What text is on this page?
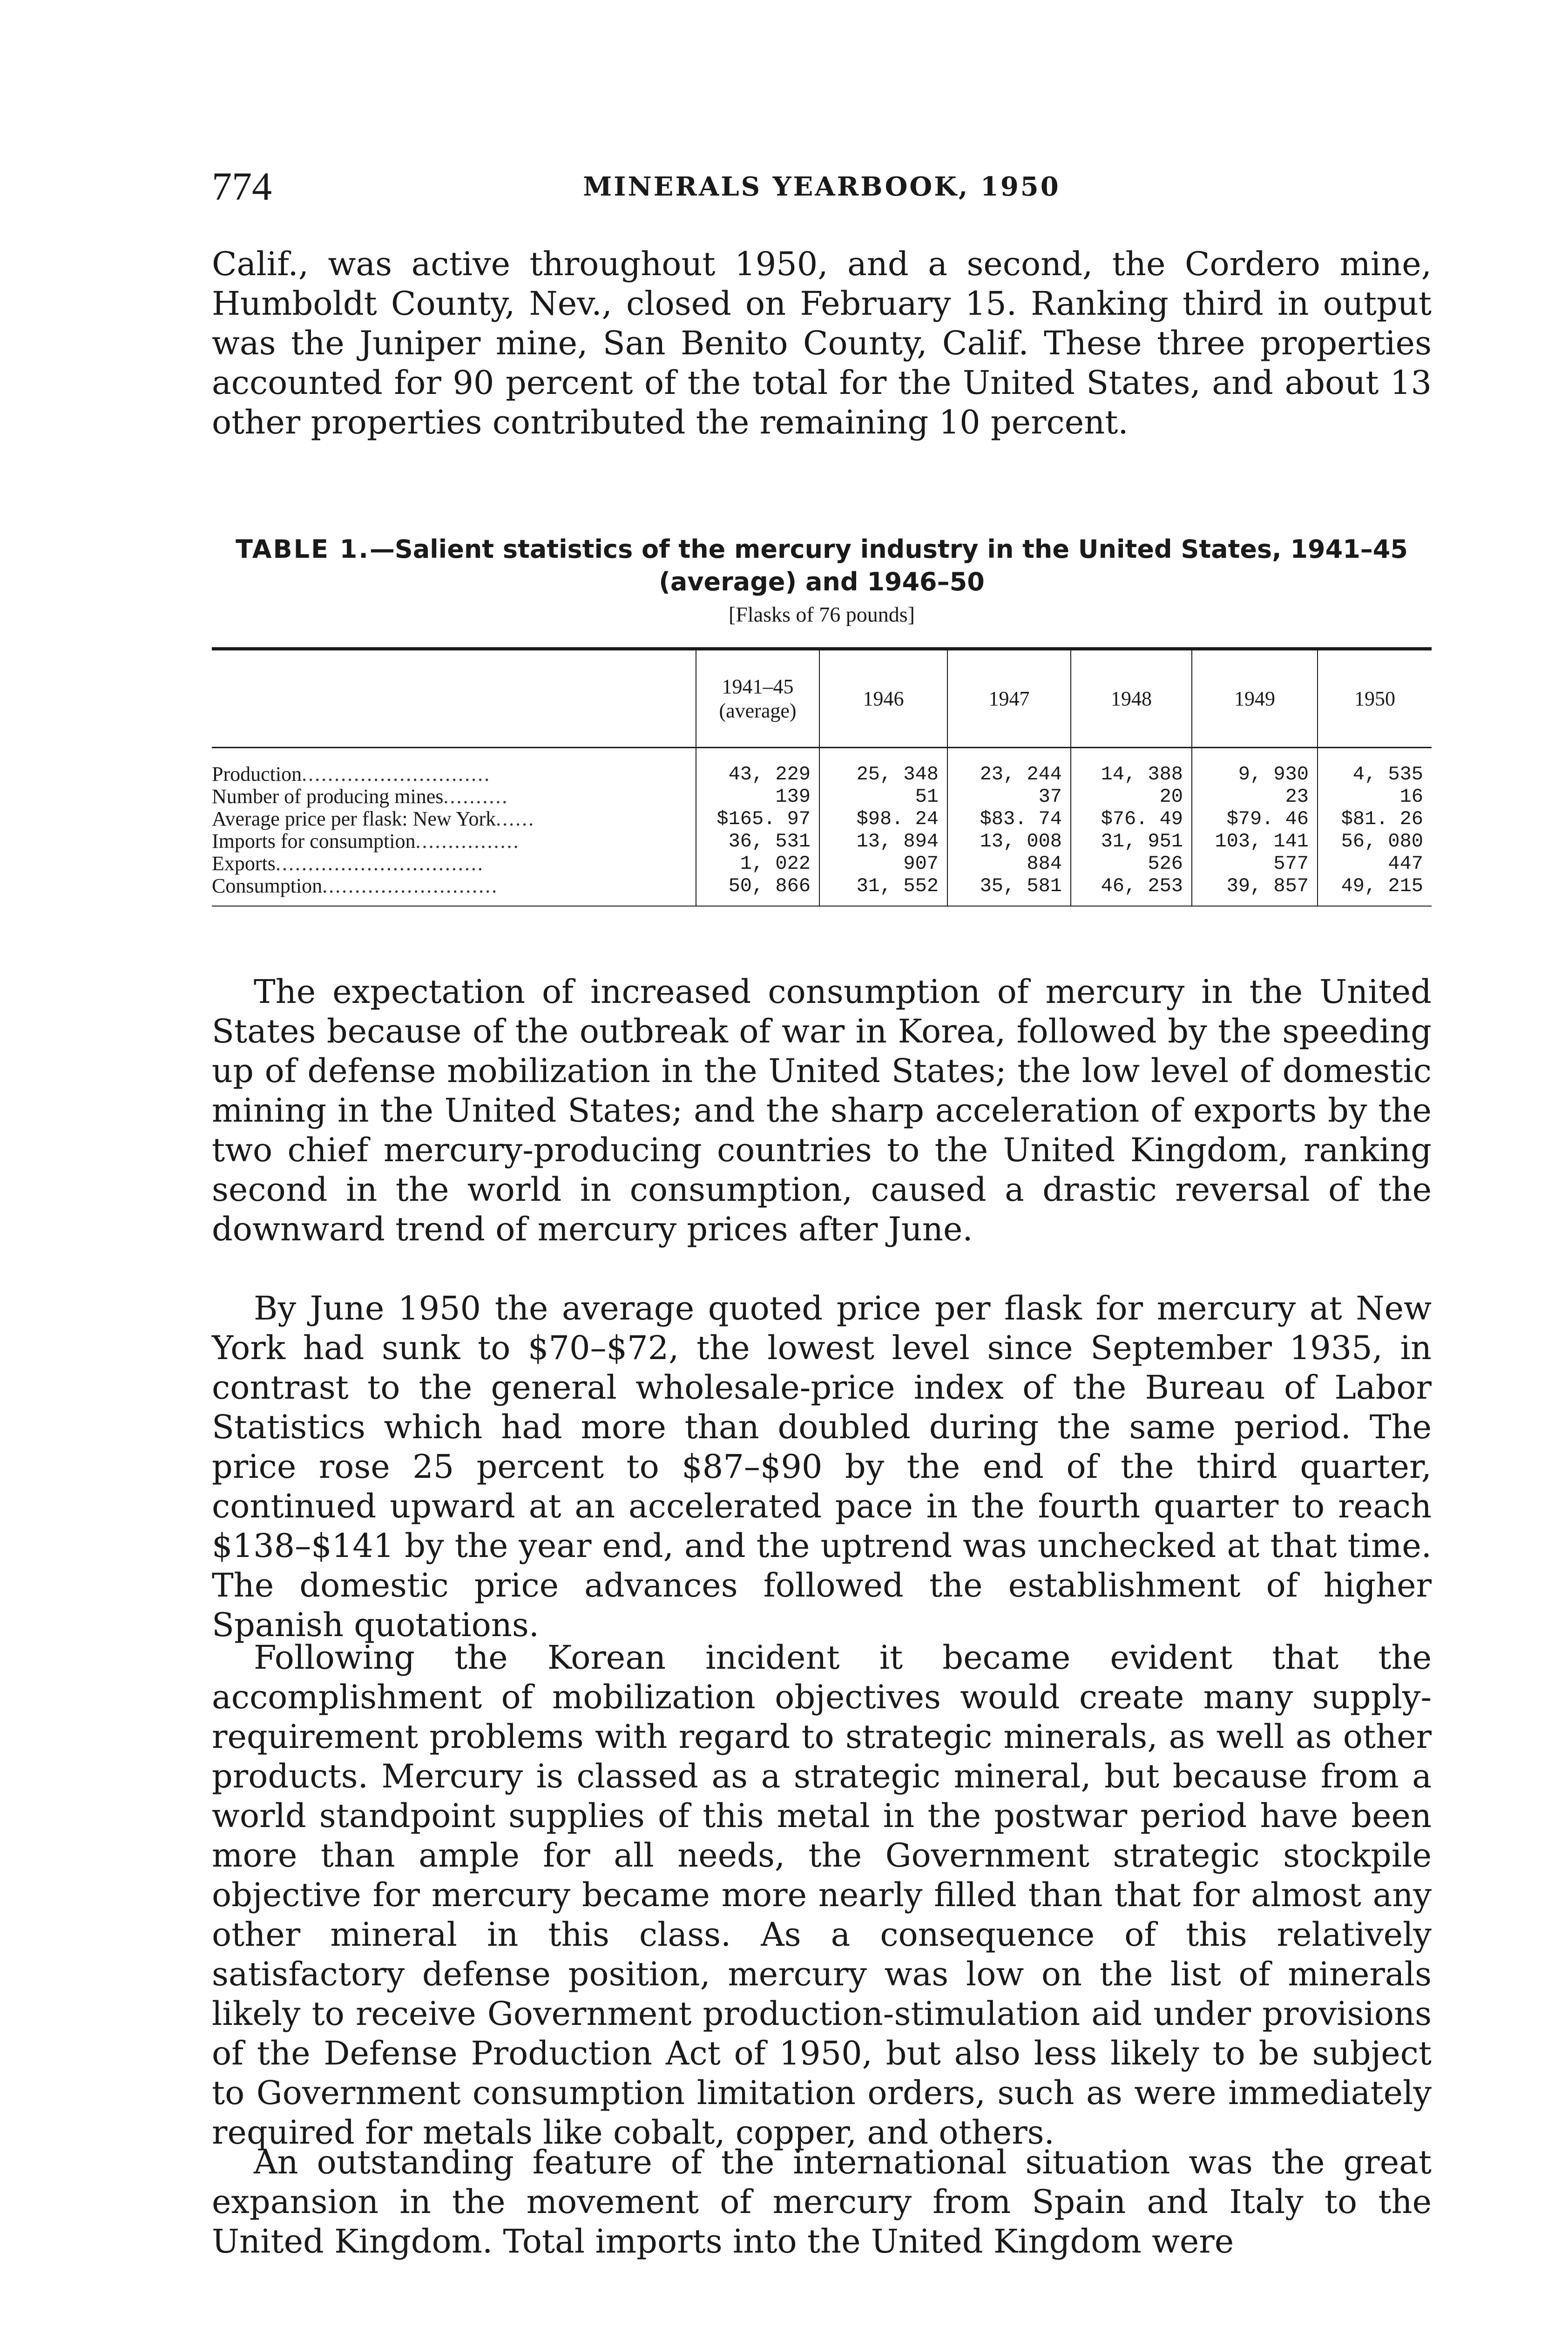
774	MINERALS YEARBOOK, 1950

Calif., was active throughout 1950, and a second, the Cordero mine, Humboldt County, Nev., closed on February 15. Ranking third in output was the Juniper mine, San Benito County, Calif. These three properties accounted for 90 percent of the total for the United States, and about 13 other properties contributed the remaining 10 percent.

TABLE 1.—Salient statistics of the mercury industry in the United States, 1941–45 (average) and 1946–50

[Flasks of 76 pounds]

	1941–45 (average)	1946	1947	1948	1949	1950
Production.............................	43, 229	25, 348	23, 244	14, 388	9, 930	4, 535
Number of producing mines..........	139	51	37	20	23	16
Average price per flask: New York......	$165. 97	$98. 24	$83. 74	$76. 49	$79. 46	$81. 26
Imports for consumption................	36, 531	13, 894	13, 008	31, 951	103, 141	56, 080
Exports................................	1, 022	907	884	526	577	447
Consumption...........................	50, 866	31, 552	35, 581	46, 253	39, 857	49, 215

The expectation of increased consumption of mercury in the United States because of the outbreak of war in Korea, followed by the speeding up of defense mobilization in the United States; the low level of domestic mining in the United States; and the sharp acceleration of exports by the two chief mercury-producing countries to the United Kingdom, ranking second in the world in consumption, caused a drastic reversal of the downward trend of mercury prices after June.

By June 1950 the average quoted price per flask for mercury at New York had sunk to $70–$72, the lowest level since September 1935, in contrast to the general wholesale-price index of the Bureau of Labor Statistics which had more than doubled during the same period. The price rose 25 percent to $87–$90 by the end of the third quarter, continued upward at an accelerated pace in the fourth quarter to reach $138–$141 by the year end, and the uptrend was unchecked at that time. The domestic price advances followed the establishment of higher Spanish quotations.

Following the Korean incident it became evident that the accomplishment of mobilization objectives would create many supply-requirement problems with regard to strategic minerals, as well as other products. Mercury is classed as a strategic mineral, but because from a world standpoint supplies of this metal in the postwar period have been more than ample for all needs, the Government strategic stockpile objective for mercury became more nearly filled than that for almost any other mineral in this class. As a consequence of this relatively satisfactory defense position, mercury was low on the list of minerals likely to receive Government production-stimulation aid under provisions of the Defense Production Act of 1950, but also less likely to be subject to Government consumption limitation orders, such as were immediately required for metals like cobalt, copper, and others.

An outstanding feature of the international situation was the great expansion in the movement of mercury from Spain and Italy to the United Kingdom. Total imports into the United Kingdom were
